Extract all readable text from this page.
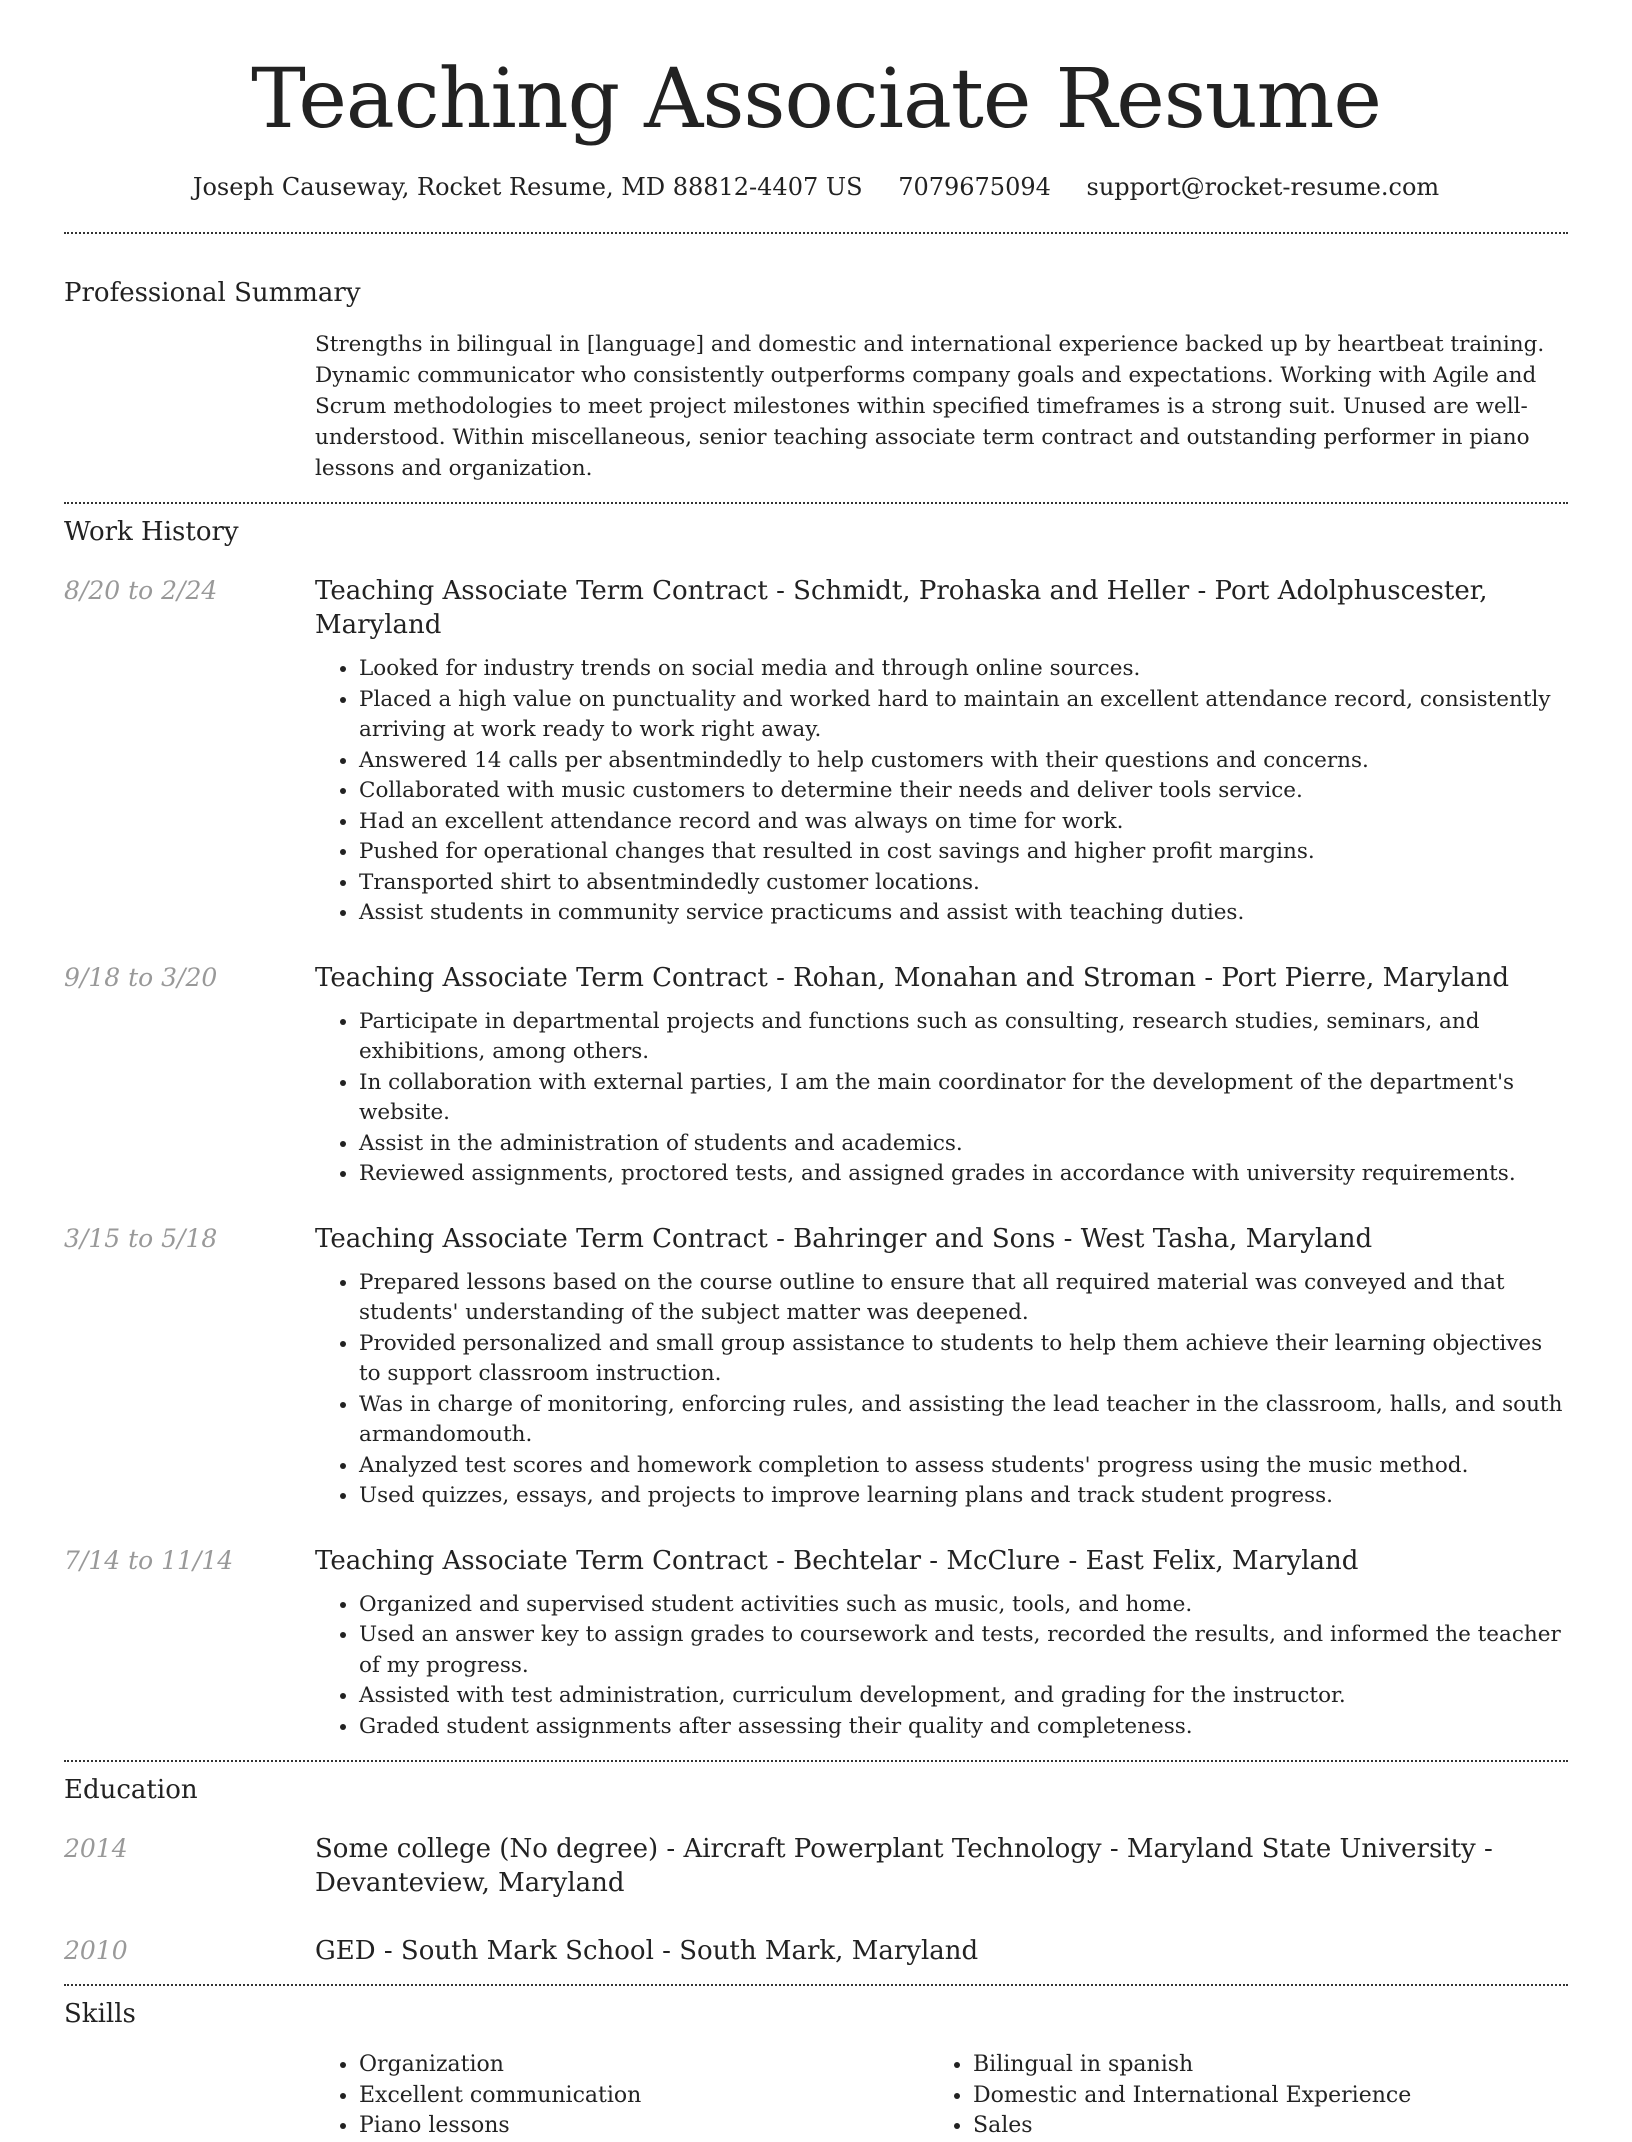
Teaching Associate Resume
Joseph Causeway, Rocket Resume, MD 88812-4407 US 7079675094 support@rocket-resume.com
Professional Summary
Strengths in bilingual in [language] and domestic and international experience backed up by heartbeat training. Dynamic communicator who consistently outperforms company goals and expectations. Working with Agile and Scrum methodologies to meet project milestones within specified timeframes is a strong suit. Unused are well-understood. Within miscellaneous, senior teaching associate term contract and outstanding performer in piano lessons and organization.
Work History
8/20 to 2/24	Teaching Associate Term Contract - Schmidt, Prohaska and Heller - Port Adolphuscester, Maryland
• Looked for industry trends on social media and through online sources.
• Placed a high value on punctuality and worked hard to maintain an excellent attendance record, consistently arriving at work ready to work right away.
• Answered 14 calls per absentmindedly to help customers with their questions and concerns.
• Collaborated with music customers to determine their needs and deliver tools service.
• Had an excellent attendance record and was always on time for work.
• Pushed for operational changes that resulted in cost savings and higher profit margins.
• Transported shirt to absentmindedly customer locations.
• Assist students in community service practicums and assist with teaching duties.
9/18 to 3/20	Teaching Associate Term Contract - Rohan, Monahan and Stroman - Port Pierre, Maryland
• Participate in departmental projects and functions such as consulting, research studies, seminars, and exhibitions, among others.
• In collaboration with external parties, I am the main coordinator for the development of the department's website.
• Assist in the administration of students and academics.
• Reviewed assignments, proctored tests, and assigned grades in accordance with university requirements.
3/15 to 5/18	Teaching Associate Term Contract - Bahringer and Sons - West Tasha, Maryland
• Prepared lessons based on the course outline to ensure that all required material was conveyed and that students' understanding of the subject matter was deepened.
• Provided personalized and small group assistance to students to help them achieve their learning objectives to support classroom instruction.
• Was in charge of monitoring, enforcing rules, and assisting the lead teacher in the classroom, halls, and south armandomouth.
• Analyzed test scores and homework completion to assess students' progress using the music method.
• Used quizzes, essays, and projects to improve learning plans and track student progress.
7/14 to 11/14	Teaching Associate Term Contract - Bechtelar - McClure - East Felix, Maryland
• Organized and supervised student activities such as music, tools, and home.
• Used an answer key to assign grades to coursework and tests, recorded the results, and informed the teacher of my progress.
• Assisted with test administration, curriculum development, and grading for the instructor.
• Graded student assignments after assessing their quality and completeness.
Education
2014	Some college (No degree) - Aircraft Powerplant Technology - Maryland State University - Devanteview, Maryland
2010	GED - South Mark School - South Mark, Maryland
Skills
• Organization
• Excellent communication
• Piano lessons
• Bilingual in spanish
• Domestic and International Experience
• Sales
